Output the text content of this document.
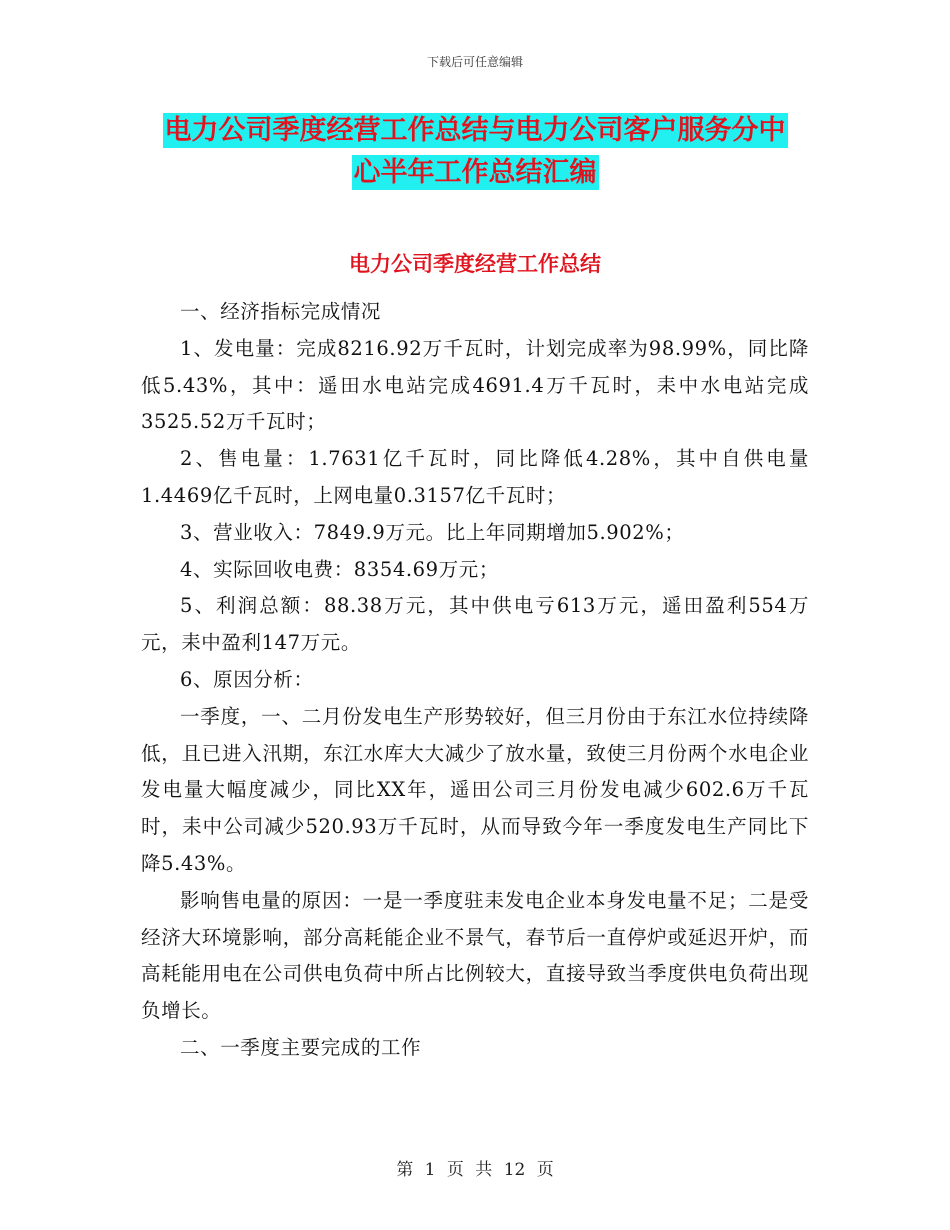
下载后可任意编辑
电力公司季度经营工作总结与电力公司客户服务分中
心半年工作总结汇编
电力公司季度经营工作总结

一、经济指标完成情况

1、发电量：完成8216.92万千瓦时，计划完成率为98.99%，同比降低5.43%，其中：遥田水电站完成4691.4万千瓦时，耒中水电站完成3525.52万千瓦时；

2、售电量：1.7631亿千瓦时，同比降低4.28%，其中自供电量1.4469亿千瓦时，上网电量0.3157亿千瓦时；

3、营业收入：7849.9万元。比上年同期增加5.902%；

4、实际回收电费：8354.69万元；

5、利润总额：88.38万元，其中供电亏613万元，遥田盈利554万元，耒中盈利147万元。

6、原因分析：

一季度，一、二月份发电生产形势较好，但三月份由于东江水位持续降低，且已进入汛期，东江水库大大减少了放水量，致使三月份两个水电企业发电量大幅度减少，同比XX年，遥田公司三月份发电减少602.6万千瓦时，耒中公司减少520.93万千瓦时，从而导致今年一季度发电生产同比下降5.43%。

影响售电量的原因：一是一季度驻耒发电企业本身发电量不足；二是受经济大环境影响，部分高耗能企业不景气，春节后一直停炉或延迟开炉，而高耗能用电在公司供电负荷中所占比例较大，直接导致当季度供电负荷出现负增长。

二、一季度主要完成的工作

第 1 页 共 12 页
